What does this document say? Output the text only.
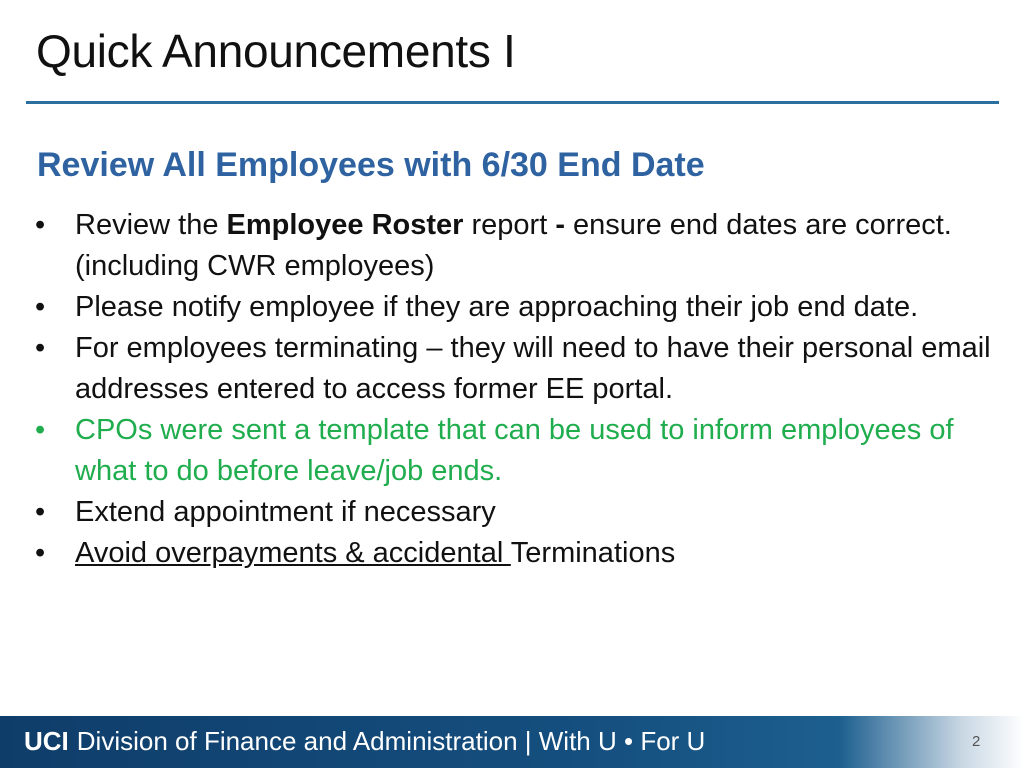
Quick Announcements I
Review All Employees with 6/30 End Date
• Review the Employee Roster report - ensure end dates are correct. (including CWR employees)
• Please notify employee if they are approaching their job end date.
• For employees terminating – they will need to have their personal email addresses entered to access former EE portal.
• CPOs were sent a template that can be used to inform employees of what to do before leave/job ends.
• Extend appointment if necessary
• Avoid overpayments & accidental Terminations
UCI Division of Finance and Administration | With U • For U	2
